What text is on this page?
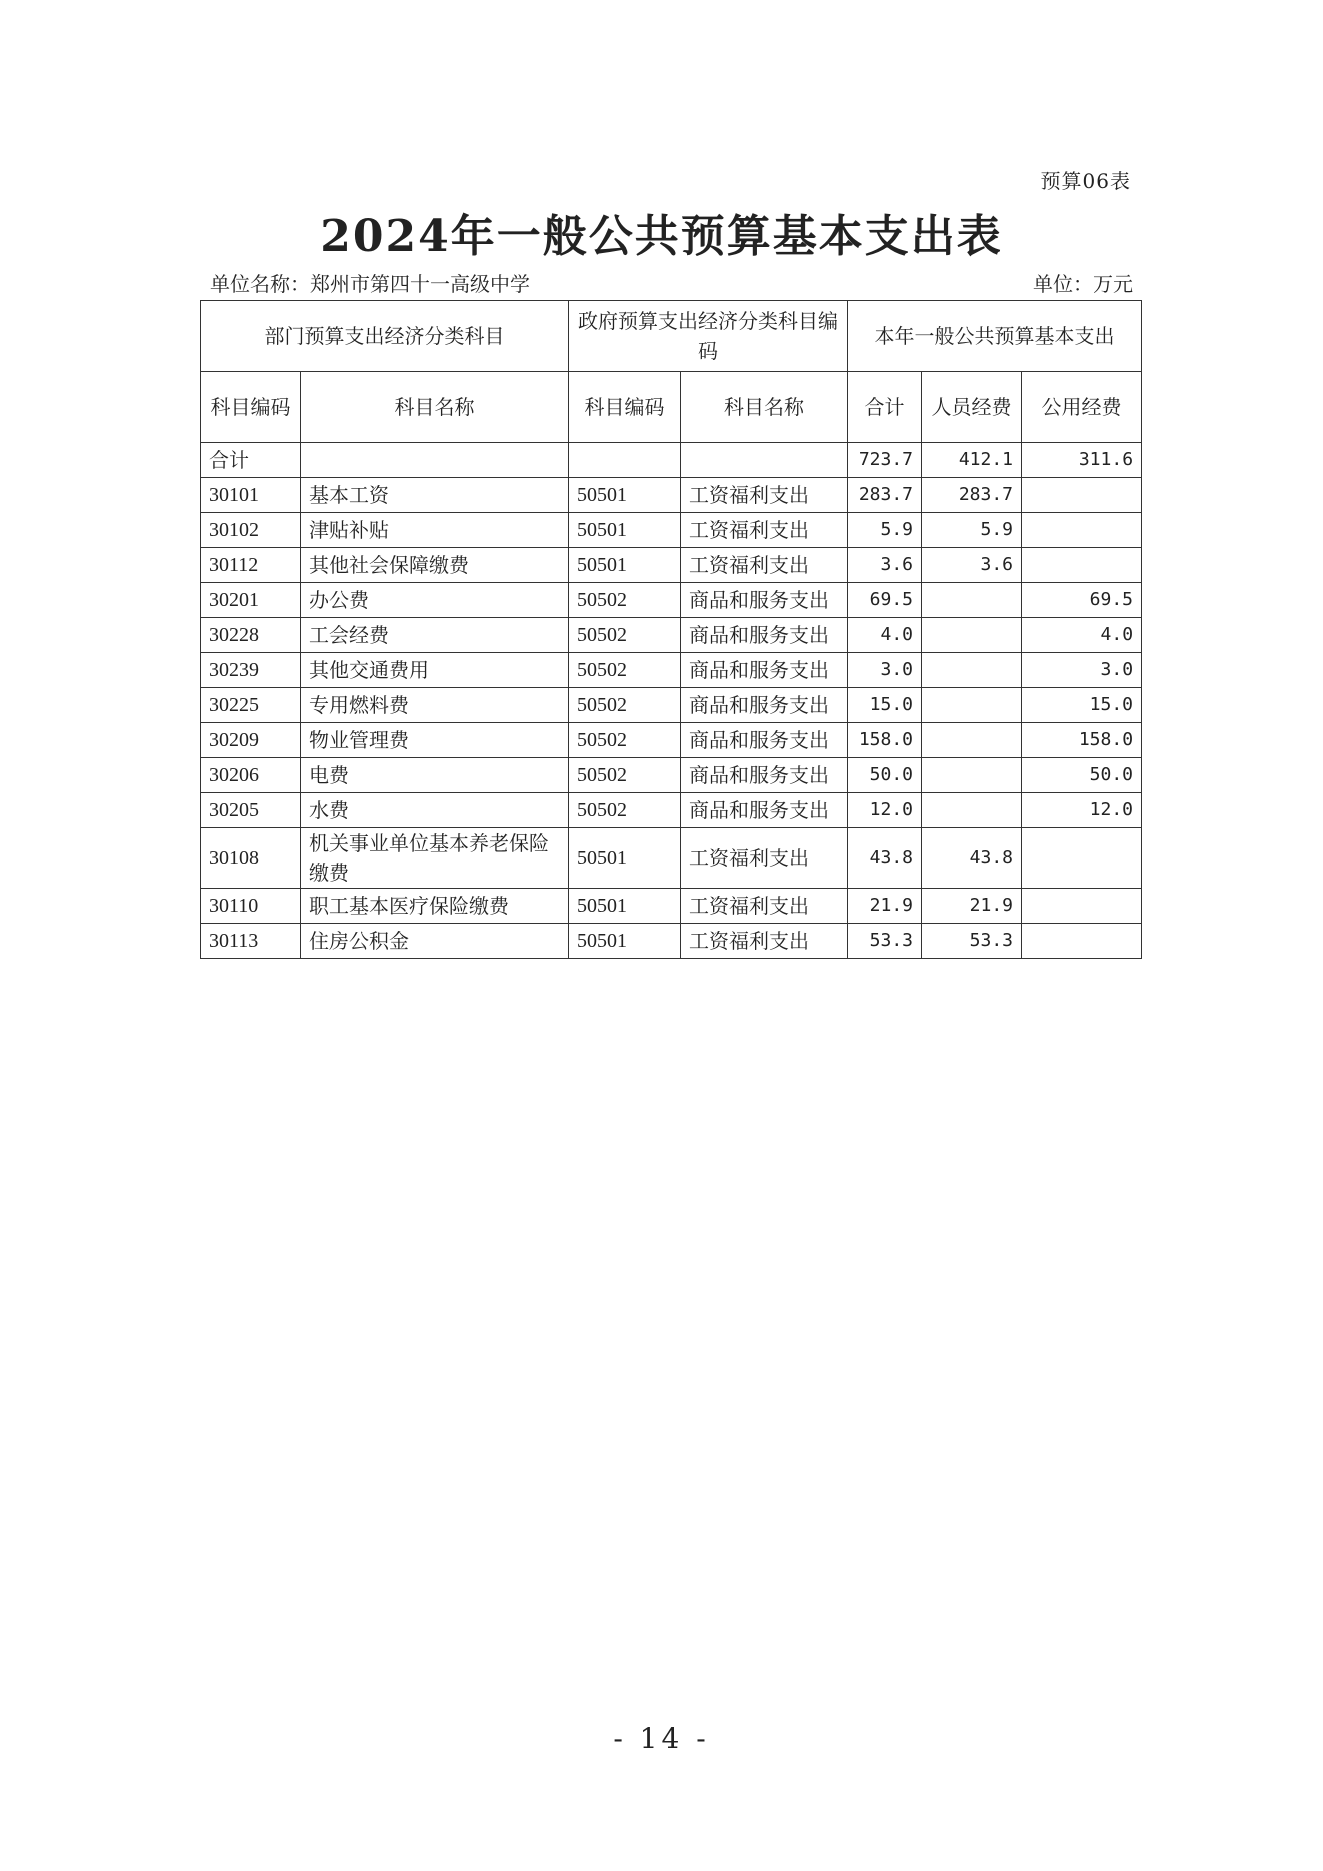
预算06表
2024年一般公共预算基本支出表
单位名称：郑州市第四十一高级中学	单位：万元
部门预算支出经济分类科目		政府预算支出经济分类科目编码		本年一般公共预算基本支出		
科目编码	科目名称	科目编码	科目名称	合计	人员经费	公用经费
合计				723.7	412.1	311.6
30101	基本工资	50501	工资福利支出	283.7	283.7	
30102	津贴补贴	50501	工资福利支出	5.9	5.9	
30112	其他社会保障缴费	50501	工资福利支出	3.6	3.6	
30201	办公费	50502	商品和服务支出	69.5		69.5
30228	工会经费	50502	商品和服务支出	4.0		4.0
30239	其他交通费用	50502	商品和服务支出	3.0		3.0
30225	专用燃料费	50502	商品和服务支出	15.0		15.0
30209	物业管理费	50502	商品和服务支出	158.0		158.0
30206	电费	50502	商品和服务支出	50.0		50.0
30205	水费	50502	商品和服务支出	12.0		12.0
30108	机关事业单位基本养老保险缴费	50501	工资福利支出	43.8	43.8	
30110	职工基本医疗保险缴费	50501	工资福利支出	21.9	21.9	
30113	住房公积金	50501	工资福利支出	53.3	53.3	
- 14 -
